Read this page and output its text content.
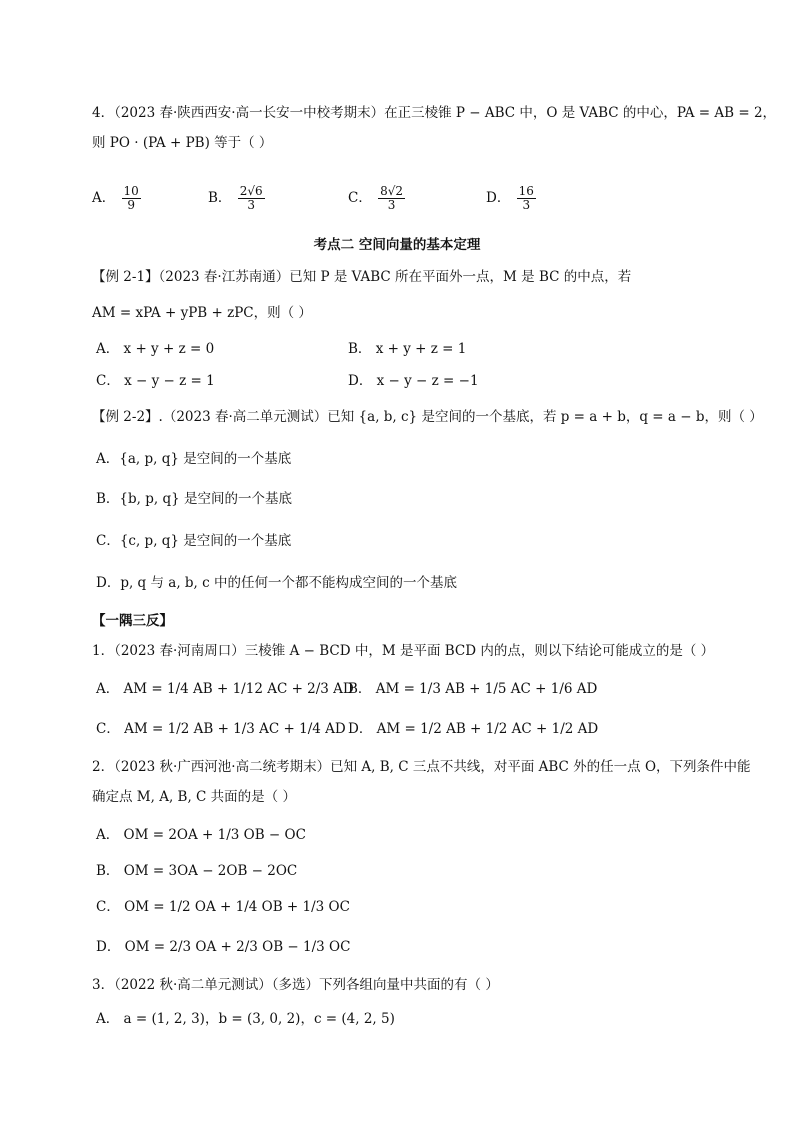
4．（2023 春·陕西西安·高一长安一中校考期末）在正三棱锥 P − ABC 中，O 是 VABC 的中心，PA = AB = 2，
则 PO · (PA + PB) 等于（ ）
A． $\frac{10}{9}$	B． $\frac{2√6}{3}$	C． $\frac{8√2}{3}$	D． $\frac{16}{3}$
考点二 空间向量的基本定理
【例 2-1】（2023 春·江苏南通）已知 P 是 VABC 所在平面外一点，M 是 BC 的中点，若
AM = xPA + yPB + zPC，则（ ）
A． x + y + z = 0	B． x + y + z = 1
C． x − y − z = 1	D． x − y − z = −1
【例 2-2】.（2023 春·高二单元测试）已知 {a, b, c} 是空间的一个基底，若 p = a + b，q = a − b，则（ ）
A．{a, p, q} 是空间的一个基底
B．{b, p, q} 是空间的一个基底
C．{c, p, q} 是空间的一个基底
D．p, q 与 a, b, c 中的任何一个都不能构成空间的一个基底
【一隅三反】
1．（2023 春·河南周口）三棱锥 A − BCD 中，M 是平面 BCD 内的点，则以下结论可能成立的是（ ）
A． AM = 1/4 AB + 1/12 AC + 2/3 AD
B． AM = 1/3 AB + 1/5 AC + 1/6 AD
C． AM = 1/2 AB + 1/3 AC + 1/4 AD D． AM = 1/2 AB + 1/2 AC + 1/2 AD
2．（2023 秋·广西河池·高二统考期末）已知 A, B, C 三点不共线，对平面 ABC 外的任一点 O，下列条件中能
确定点 M, A, B, C 共面的是（ ）
A． OM = 2OA + 1/3 OB − OC
B． OM = 3OA − 2OB − 2OC
C． OM = 1/2 OA + 1/4 OB + 1/3 OC
D． OM = 2/3 OA + 2/3 OB − 1/3 OC
3．（2022 秋·高二单元测试）（多选）下列各组向量中共面的有（ ）
A． a = (1, 2, 3)，b = (3, 0, 2)，c = (4, 2, 5)
